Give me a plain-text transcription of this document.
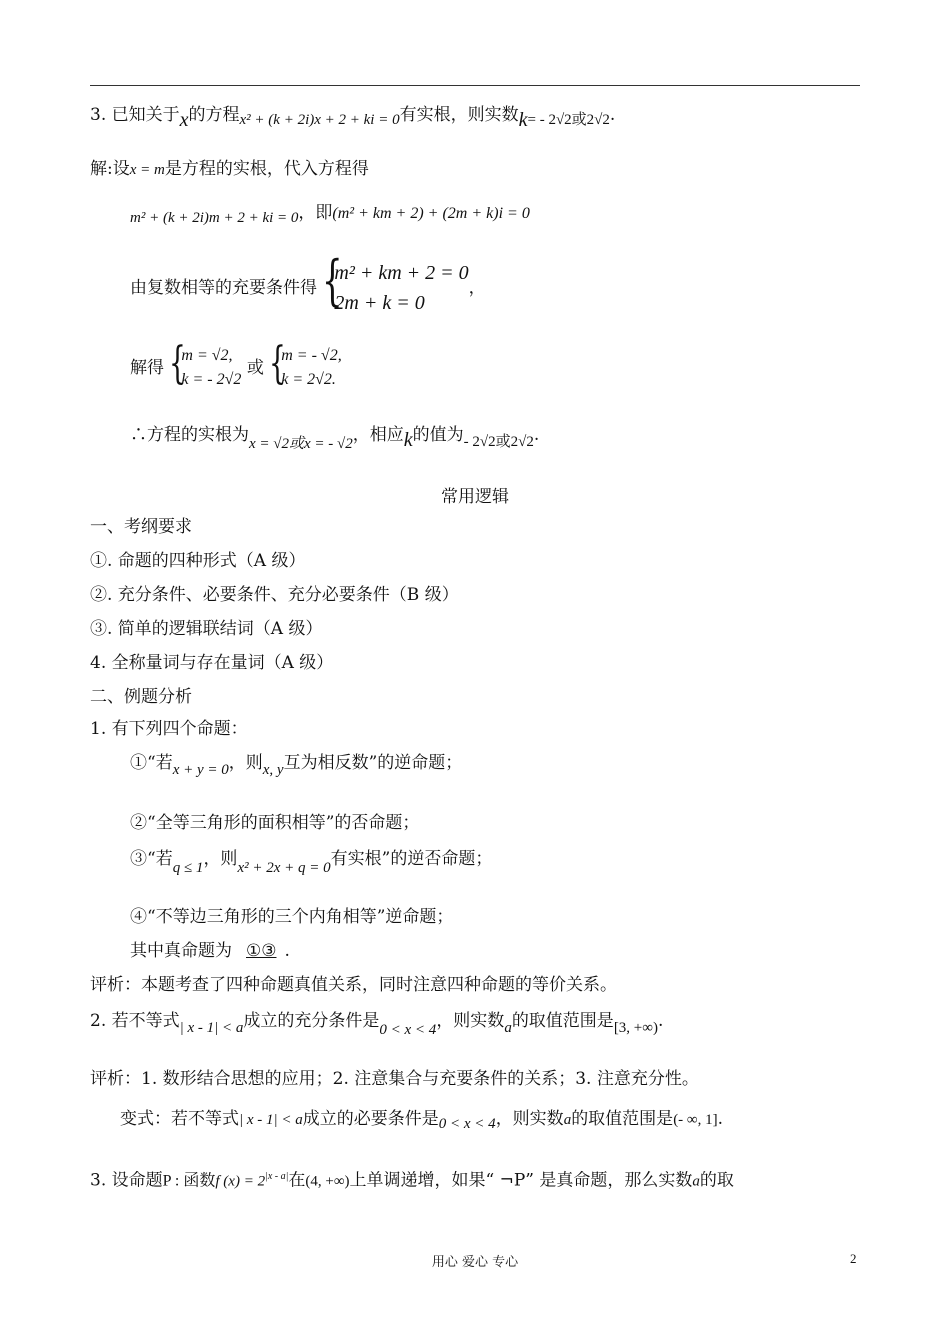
3. 已知关于x的方程x² + (k + 2i)x + 2 + ki = 0有实根，则实数k= - 2√2或2√2.
解:设x = m是方程的实根，代入方程得
m² + (k + 2i)m + 2 + ki = 0，即(m² + km + 2) + (2m + k)i = 0
由复数相等的充要条件得 {
m² + km + 2 = 0
2m + k = 0
，
解得 {
m = √2,
k = - 2√2
或 {
m = - √2,
k = 2√2.
∴方程的实根为x = √2或x = - √2，相应k的值为- 2√2或2√2.
常用逻辑
一、考纲要求
①. 命题的四种形式（A 级）
②. 充分条件、必要条件、充分必要条件（B 级）
③. 简单的逻辑联结词（A 级）
4. 全称量词与存在量词（A 级）
二、例题分析
1. 有下列四个命题：
①“若x + y = 0，则x, y互为相反数”的逆命题；
②“全等三角形的面积相等”的否命题；
③“若q ≤ 1，则x² + 2x + q = 0有实根”的逆否命题；
④“不等边三角形的三个内角相等”逆命题；
其中真命题为 ①③ .
评析：本题考查了四种命题真值关系，同时注意四种命题的等价关系。
2. 若不等式| x - 1| < a成立的充分条件是0 < x < 4，则实数a的取值范围是[3, +∞).
评析：1. 数形结合思想的应用；2. 注意集合与充要条件的关系；3. 注意充分性。
变式：若不等式| x - 1| < a成立的必要条件是0 < x < 4，则实数a的取值范围是(- ∞, 1].
3. 设命题P : 函数f $(x) = 2^{|x - a|}$在(4, +∞)上单调递增，如果“ ¬P” 是真命题，那么实数a的取
用心 爱心 专心	2
